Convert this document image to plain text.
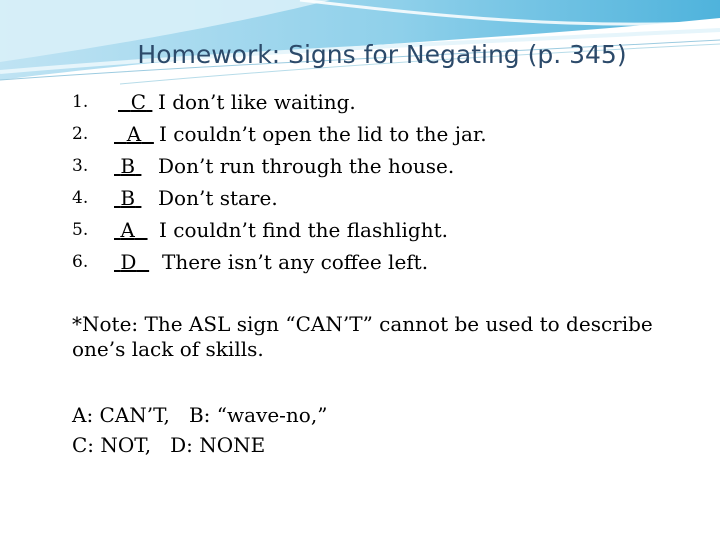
Homework: Signs for Negating (p. 345)
1.	C I don’t like waiting.
2.	A I couldn’t open the lid to the jar.
3.	B	Don’t run through the house.
4.	B	Don’t stare.
5.	A	I couldn’t find the flashlight.
6.	D	There isn’t any coffee left.
*Note: The ASL sign “CAN’T” cannot be used to describe one’s lack of skills.
A: CAN’T,   B: “wave-no,”
C: NOT,   D: NONE
